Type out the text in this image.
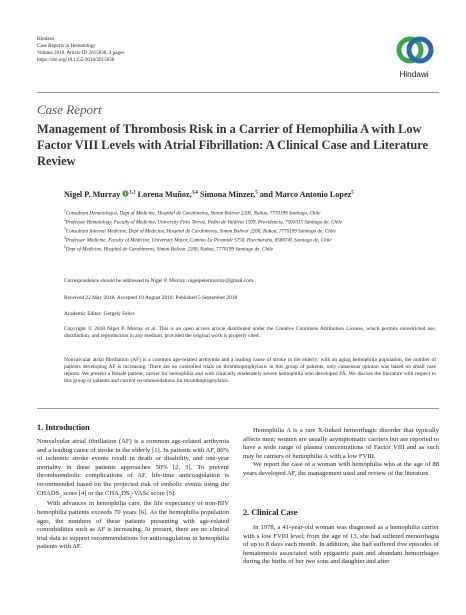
Hindawi
Case Reports in Hematology
Volume 2018, Article ID 2615838, 4 pages
https://doi.org/10.1155/2018/2615838
Hindawi
Case Report
Management of Thrombosis Risk in a Carrier of Hemophilia A with Low Factor VIII Levels with Atrial Fibrillation: A Clinical Case and Literature Review
Nigel P. Murray i $^{1,2}$ Lorena Muñoz,$^{3,4}$ Simona Minzer,$^5$ and Marco Antonio Lopez$^5$
$^1$Consultant Hematologist, Dept of Medicine, Hospital de Carabineros, Simon Bolivar 2200, Nuñoa, 7770199 Santiago, Chile
$^2$Professor Hematology, Faculty of Medicine, University Finis Terrae, Pedro de Valdivia 1509, Providencia, 7501015 Santiago de, Chile
$^3$Consultant Internal Medicine, Dept of Medicine, Hospital de Carabineros, Simon Bolivar 2200, Nuñoa, 7770199 Santiago de, Chile
$^4$Professor Medicine, Faculty of Medicine, University Mayor, Camino La Piramide 5750, Huechuraba, 8580745 Santiago de, Chile
$^5$Dept of Medicine, Hospital de Carabineros, Simon Bolivar 2200, Nuñoa, 7770199 Santiago de, Chile
Correspondence should be addressed to Nigel P. Murray; nigelpetermurray@gmail.com
Received 22 May 2018; Accepted 19 August 2018; Published 5 September 2018
Academic Editor: Gergely Feher
Copyright © 2018 Nigel P. Murray et al. This is an open access article distributed under the Creative Commons Attribution License, which permits unrestricted use, distribution, and reproduction in any medium, provided the original work is properly cited.
Nonvalvular atrial fibrillation (AF) is a common age-related arrthymia and a leading cause of stroke in the elderly; with an aging hemophilia population, the number of patients developing AF is increasing. There are no controlled trials on thromboprophylaxis in this group of patients, only consensus opinion was based on small case reports. We present a female patient, carrier for hemophilia and with clinically moderately severe hemophilia who developed FA. We discuss the literature with respect to this group of patients and current recommendations for thromboprophylaxis.
1. Introduction

Nonvalvular atrial fibrillation (AF) is a common age-related arrthymia and a leading cause of stroke in the elderly [1]. In patients with AF, 80% of ischemic stroke events result in death or disability, and one-year mortality in these patients approaches 50% [2, 3]. To prevent thromboembolic complications of AF, life-time anticoagulation is recommended based on the projected risk of embolic events using the $CHADS_2$ score [4] or the $CHA_2DS_2$-VASc score [5].

With advances in hemophilia care, the life expectancy of non-HIV hemophilia patients exceeds 70 years [6]. As the hemophilia population ages, the numbers of these patients presenting with age-related comorbidities such as AF is increasing. At present, there are no clinical trial data to support recommendations for anticoagulation in hemophilia patients with AF.

Hemophilia A is a rare X-linked hemorrhagic disorder that typically affects men; women are usually asymptomatic carriers but are reported to have a wide range of plasma concentrations of Factor VIII and as such may be carriers of hemophilia A with a low FVIII.

We report the case of a woman with hemophilia who at the age of 88 years developed AF, the management used and review of the literature.

2. Clinical Case

In 1978, a 41-year-old woman was diagnosed as a hemophilia carrier with a low FVIII level; from the age of 13, she had suffered menorrhagia of up to 8 days each month. In addition, she had suffered five episodes of hematemesis associated with epigastric pain and abundant hemorrhages during the births of her two sons and daughter and after
